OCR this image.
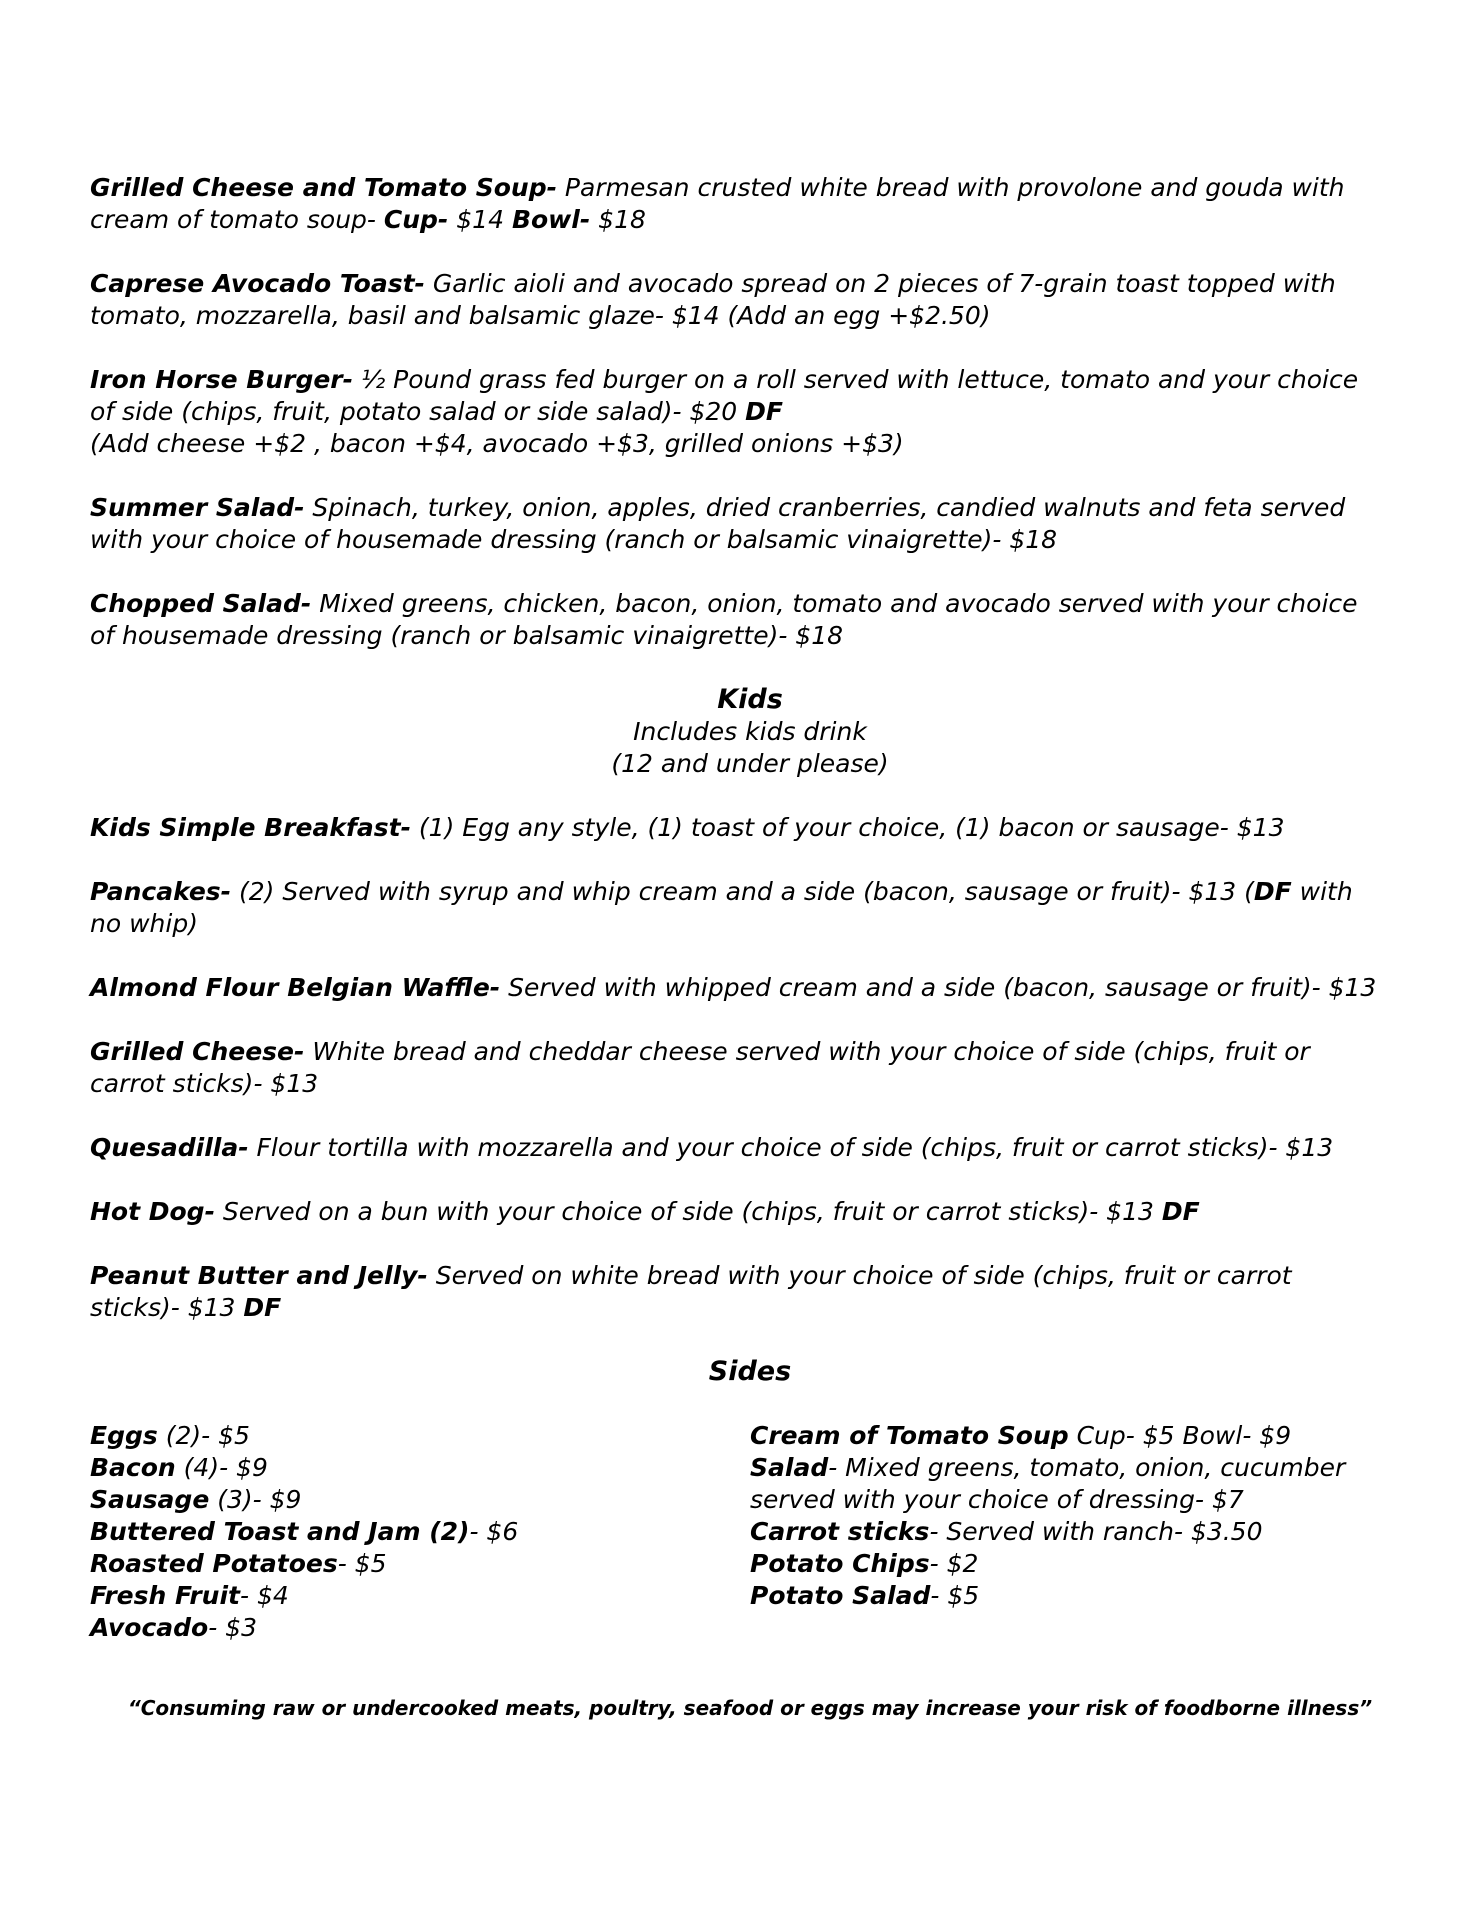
Grilled Cheese and Tomato Soup- Parmesan crusted white bread with provolone and gouda with
cream of tomato soup- Cup- $14 Bowl- $18
Caprese Avocado Toast- Garlic aioli and avocado spread on 2 pieces of 7-grain toast topped with
tomato, mozzarella, basil and balsamic glaze- $14 (Add an egg +$2.50)
Iron Horse Burger- ½ Pound grass fed burger on a roll served with lettuce, tomato and your choice
of side (chips, fruit, potato salad or side salad)- $20 DF
(Add cheese +$2 , bacon +$4, avocado +$3, grilled onions +$3)
Summer Salad- Spinach, turkey, onion, apples, dried cranberries, candied walnuts and feta served
with your choice of housemade dressing (ranch or balsamic vinaigrette)- $18
Chopped Salad- Mixed greens, chicken, bacon, onion, tomato and avocado served with your choice
of housemade dressing (ranch or balsamic vinaigrette)- $18
Kids
Includes kids drink
(12 and under please)
Kids Simple Breakfast- (1) Egg any style, (1) toast of your choice, (1) bacon or sausage- $13
Pancakes- (2) Served with syrup and whip cream and a side (bacon, sausage or fruit)- $13 (DF with
no whip)
Almond Flour Belgian Waffle- Served with whipped cream and a side (bacon, sausage or fruit)- $13
Grilled Cheese- White bread and cheddar cheese served with your choice of side (chips, fruit or
carrot sticks)- $13
Quesadilla- Flour tortilla with mozzarella and your choice of side (chips, fruit or carrot sticks)- $13
Hot Dog- Served on a bun with your choice of side (chips, fruit or carrot sticks)- $13 DF
Peanut Butter and Jelly- Served on white bread with your choice of side (chips, fruit or carrot
sticks)- $13 DF
Sides
Eggs (2)- $5
Bacon (4)- $9
Sausage (3)- $9
Buttered Toast and Jam (2)- $6
Roasted Potatoes- $5
Fresh Fruit- $4
Avocado- $3
Cream of Tomato Soup Cup- $5 Bowl- $9
Salad- Mixed greens, tomato, onion, cucumber
served with your choice of dressing- $7
Carrot sticks- Served with ranch- $3.50
Potato Chips- $2
Potato Salad- $5
“Consuming raw or undercooked meats, poultry, seafood or eggs may increase your risk of foodborne illness”
